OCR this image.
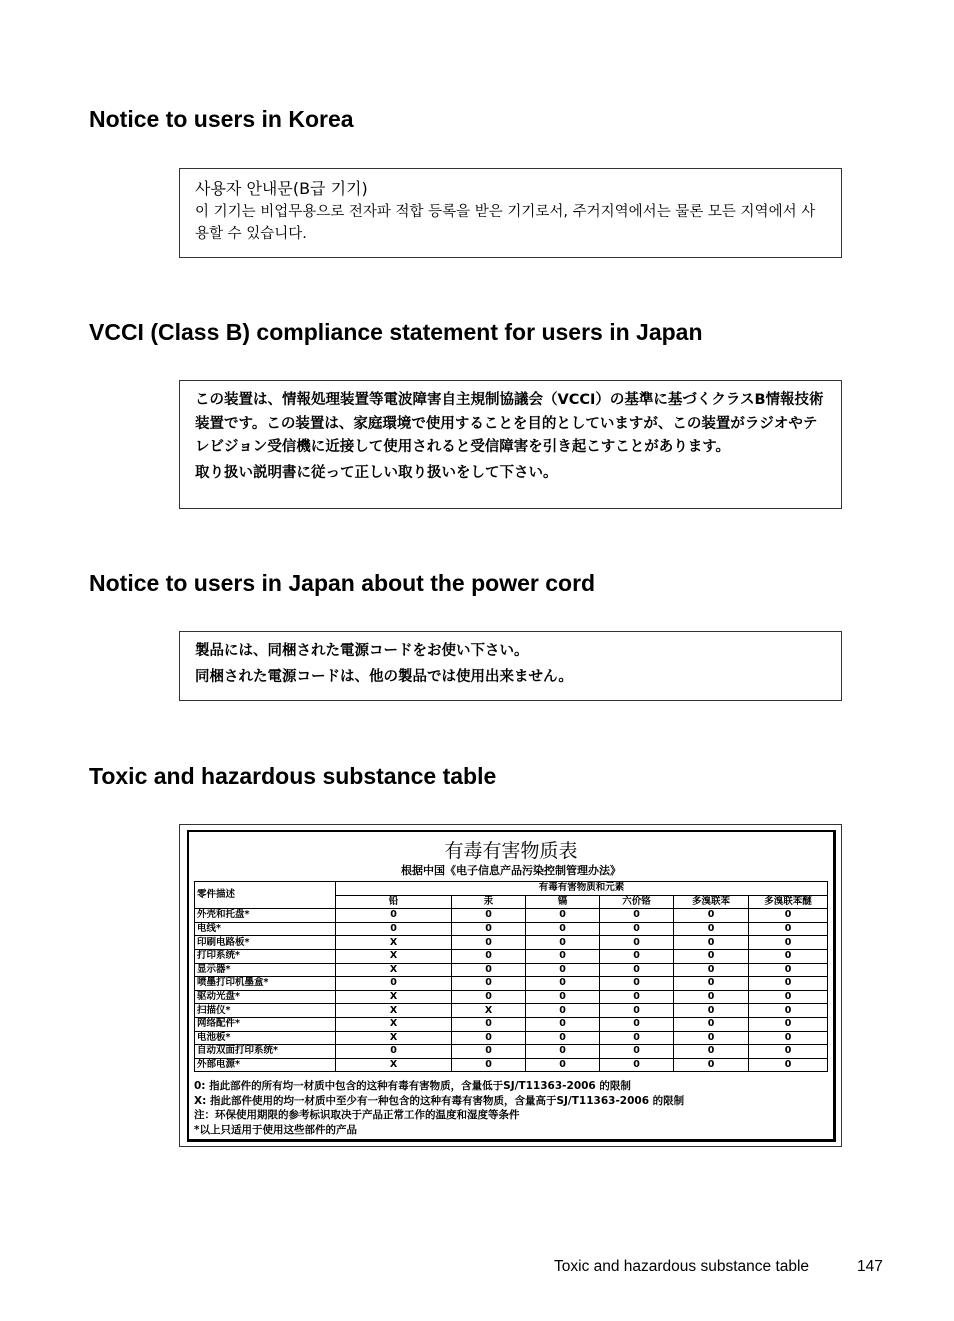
Notice to users in Korea

사용자 안내문(B급 기기)

이 기기는 비업무용으로 전자파 적합 등록을 받은 기기로서, 주거지역에서는 물론 모든 지역에서 사용할 수 있습니다.

VCCI (Class B) compliance statement for users in Japan

この装置は、情報処理装置等電波障害自主規制協議会（VCCI）の基準に基づくクラスB情報技術装置です。この装置は、家庭環境で使用することを目的としていますが、この装置がラジオやテレビジョン受信機に近接して使用されると受信障害を引き起こすことがあります。

取り扱い説明書に従って正しい取り扱いをして下さい。

Notice to users in Japan about the power cord

製品には、同梱された電源コードをお使い下さい。

同梱された電源コードは、他の製品では使用出来ません。

Toxic and hazardous substance table
有毒有害物质表
根据中国《电子信息产品污染控制管理办法》
零件描述	有毒有害物质和元素					
	铅	汞	镉	六价铬	多溴联苯	多溴联苯醚
外壳和托盘*	0	0	0	0	0	0
电线*	0	0	0	0	0	0
印刷电路板*	X	0	0	0	0	0
打印系统*	X	0	0	0	0	0
显示器*	X	0	0	0	0	0
喷墨打印机墨盒*	0	0	0	0	0	0
驱动光盘*	X	0	0	0	0	0
扫描仪*	X	X	0	0	0	0
网络配件*	X	0	0	0	0	0
电池板*	X	0	0	0	0	0
自动双面打印系统*	0	0	0	0	0	0
外部电源*	X	0	0	0	0	0
0: 指此部件的所有均一材质中包含的这种有毒有害物质，含量低于SJ/T11363-2006 的限制
X: 指此部件使用的均一材质中至少有一种包含的这种有毒有害物质，含量高于SJ/T11363-2006 的限制
注：环保使用期限的参考标识取决于产品正常工作的温度和湿度等条件
*以上只适用于使用这些部件的产品
Toxic and hazardous substance table	147
